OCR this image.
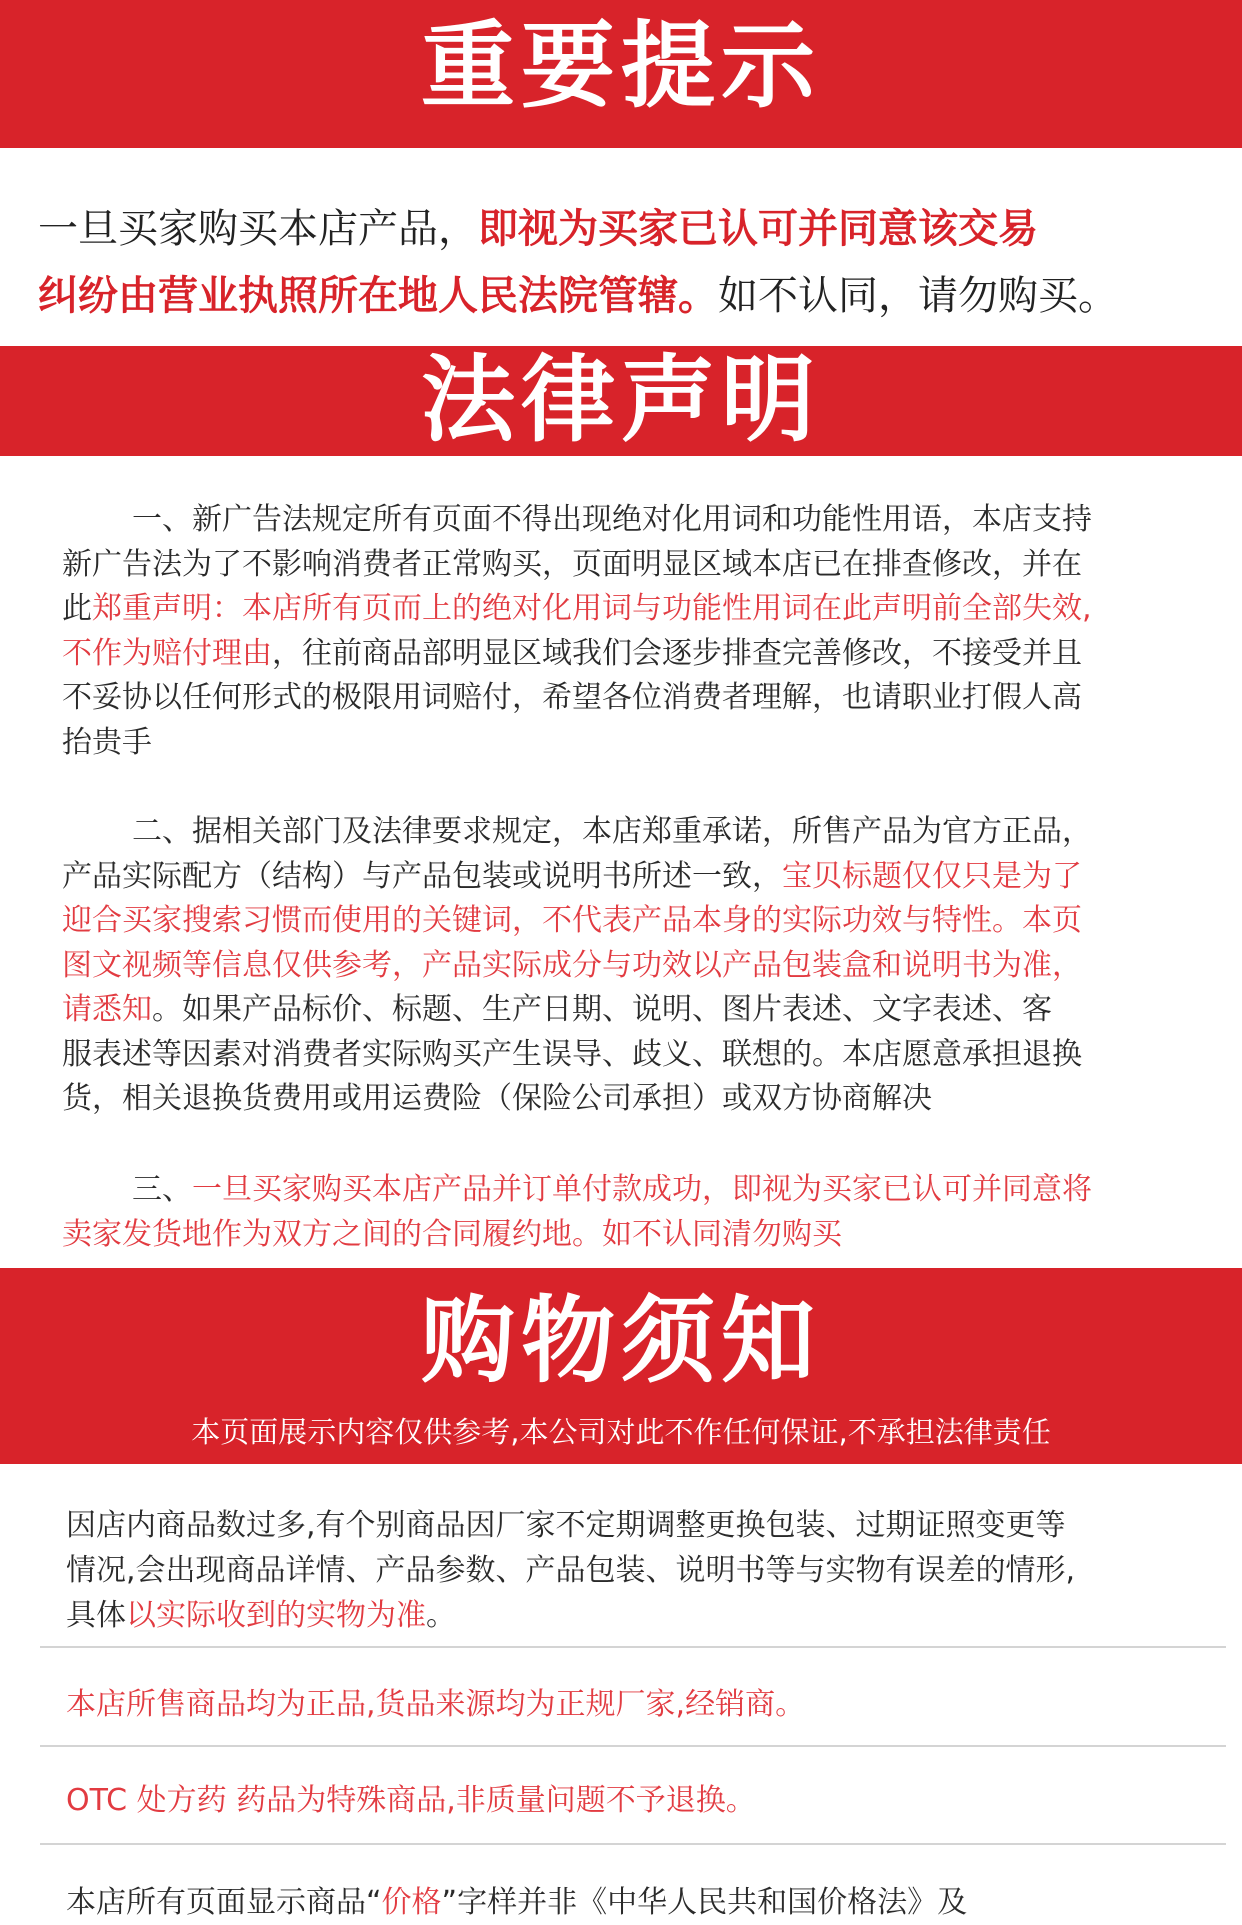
重要提示
一旦买家购买本店产品，即视为买家已认可并同意该交易
纠纷由营业执照所在地人民法院管辖。如不认同，请勿购买。
法律声明
一、新广告法规定所有页面不得出现绝对化用词和功能性用语，本店支持
新广告法为了不影响消费者正常购买，页面明显区域本店已在排查修改，并在
此郑重声明：本店所有页而上的绝对化用词与功能性用词在此声明前全部失效,
不作为赔付理由，往前商品部明显区域我们会逐步排查完善修改，不接受并且
不妥协以任何形式的极限用词赔付，希望各位消费者理解，也请职业打假人高
抬贵手
二、据相关部门及法律要求规定，本店郑重承诺，所售产品为官方正品，
产品实际配方（结构）与产品包装或说明书所述一致，宝贝标题仅仅只是为了
迎合买家搜索习惯而使用的关键词，不代表产品本身的实际功效与特性。本页
图文视频等信息仅供参考，产品实际成分与功效以产品包装盒和说明书为准，
请悉知。如果产品标价、标题、生产日期、说明、图片表述、文字表述、客
服表述等因素对消费者实际购买产生误导、歧义、联想的。本店愿意承担退换
货，相关退换货费用或用运费险（保险公司承担）或双方协商解决
三、一旦买家购买本店产品并订单付款成功，即视为买家已认可并同意将
卖家发货地作为双方之间的合同履约地。如不认同清勿购买
购物须知
本页面展示内容仅供参考,本公司对此不作任何保证,不承担法律责任
因店内商品数过多,有个别商品因厂家不定期调整更换包装、过期证照变更等
情况,会出现商品详情、产品参数、产品包装、说明书等与实物有误差的情形,
具体以实际收到的实物为准。
本店所售商品均为正品,货品来源均为正规厂家,经销商。
OTC 处方药 药品为特殊商品,非质量问题不予退换。
本店所有页面显示商品“价格”字样并非《中华人民共和国价格法》及
